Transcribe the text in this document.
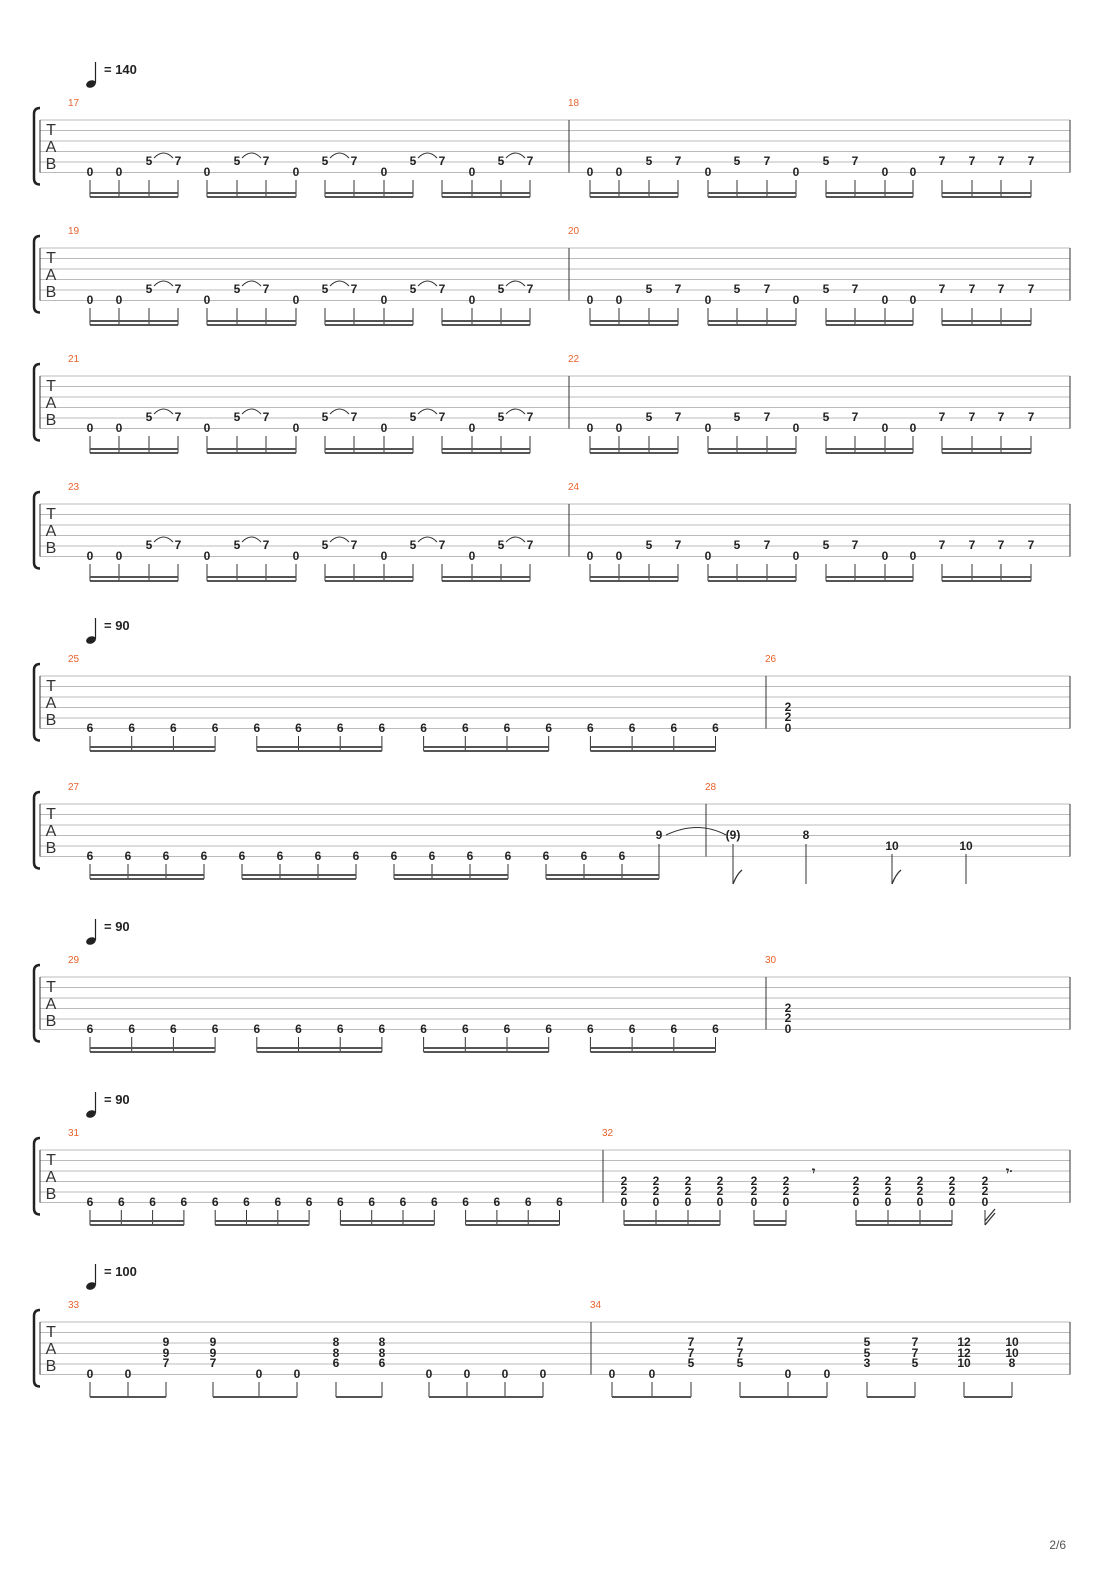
= 140
T
A
B
17	18
0 0
5 7
0
5 7
0
5 7
0
5 7
0
5 7
0 0
5 7
0
5 7
0
5 7
0 0
7 7 7 7
T
A
B
19	20
0 0
5 7
0
5 7
0
5 7
0
5 7
0
5 7
0 0
5 7
0
5 7
0
5 7
0 0
7 7 7 7
T
A
B
21	22
0 0
5 7
0
5 7
0
5 7
0
5 7
0
5 7
0 0
5 7
0
5 7
0
5 7
0 0
7 7 7 7
T
A
B
23	24
0 0
5 7
0
5 7
0
5 7
0
5 7
0
5 7
0 0
5 7
0
5 7
0
5 7
0 0
7 7 7 7
= 90
T
A
B
25	26
6	6	6	6	6	6	6	6	6	6	6	6	6	6	6	6
2
2
0
T
A
B
27	28
6	6	6	6	6	6	6	6	6	6	6	6	6	6	6
9	(9)	8
10	10
= 90
T
A
B
29	30
6	6	6	6	6	6	6	6	6	6	6	6	6	6	6	6
2
2
0
= 90
T
A
B
31	32
6 6 6 6 6 6 6 6 6 6 6 6 6 6 6 6
2
2
0
2
2
0
2
2
0
2
2
0
2
2
0
2
2
0
2
2
0
2
2
0
2
2
0
2
2
0
2
2
0
𝄾	𝄾·
= 100
T
A
B
33	34
0	0
9
9
7
9
9
7
0	0
8
8
6
8
8
6
0	0	0	0	0	0
7
7
5
7
7
5
0	0
5
5
3
7
7
5
12
12
10
10
10
8
2/6
